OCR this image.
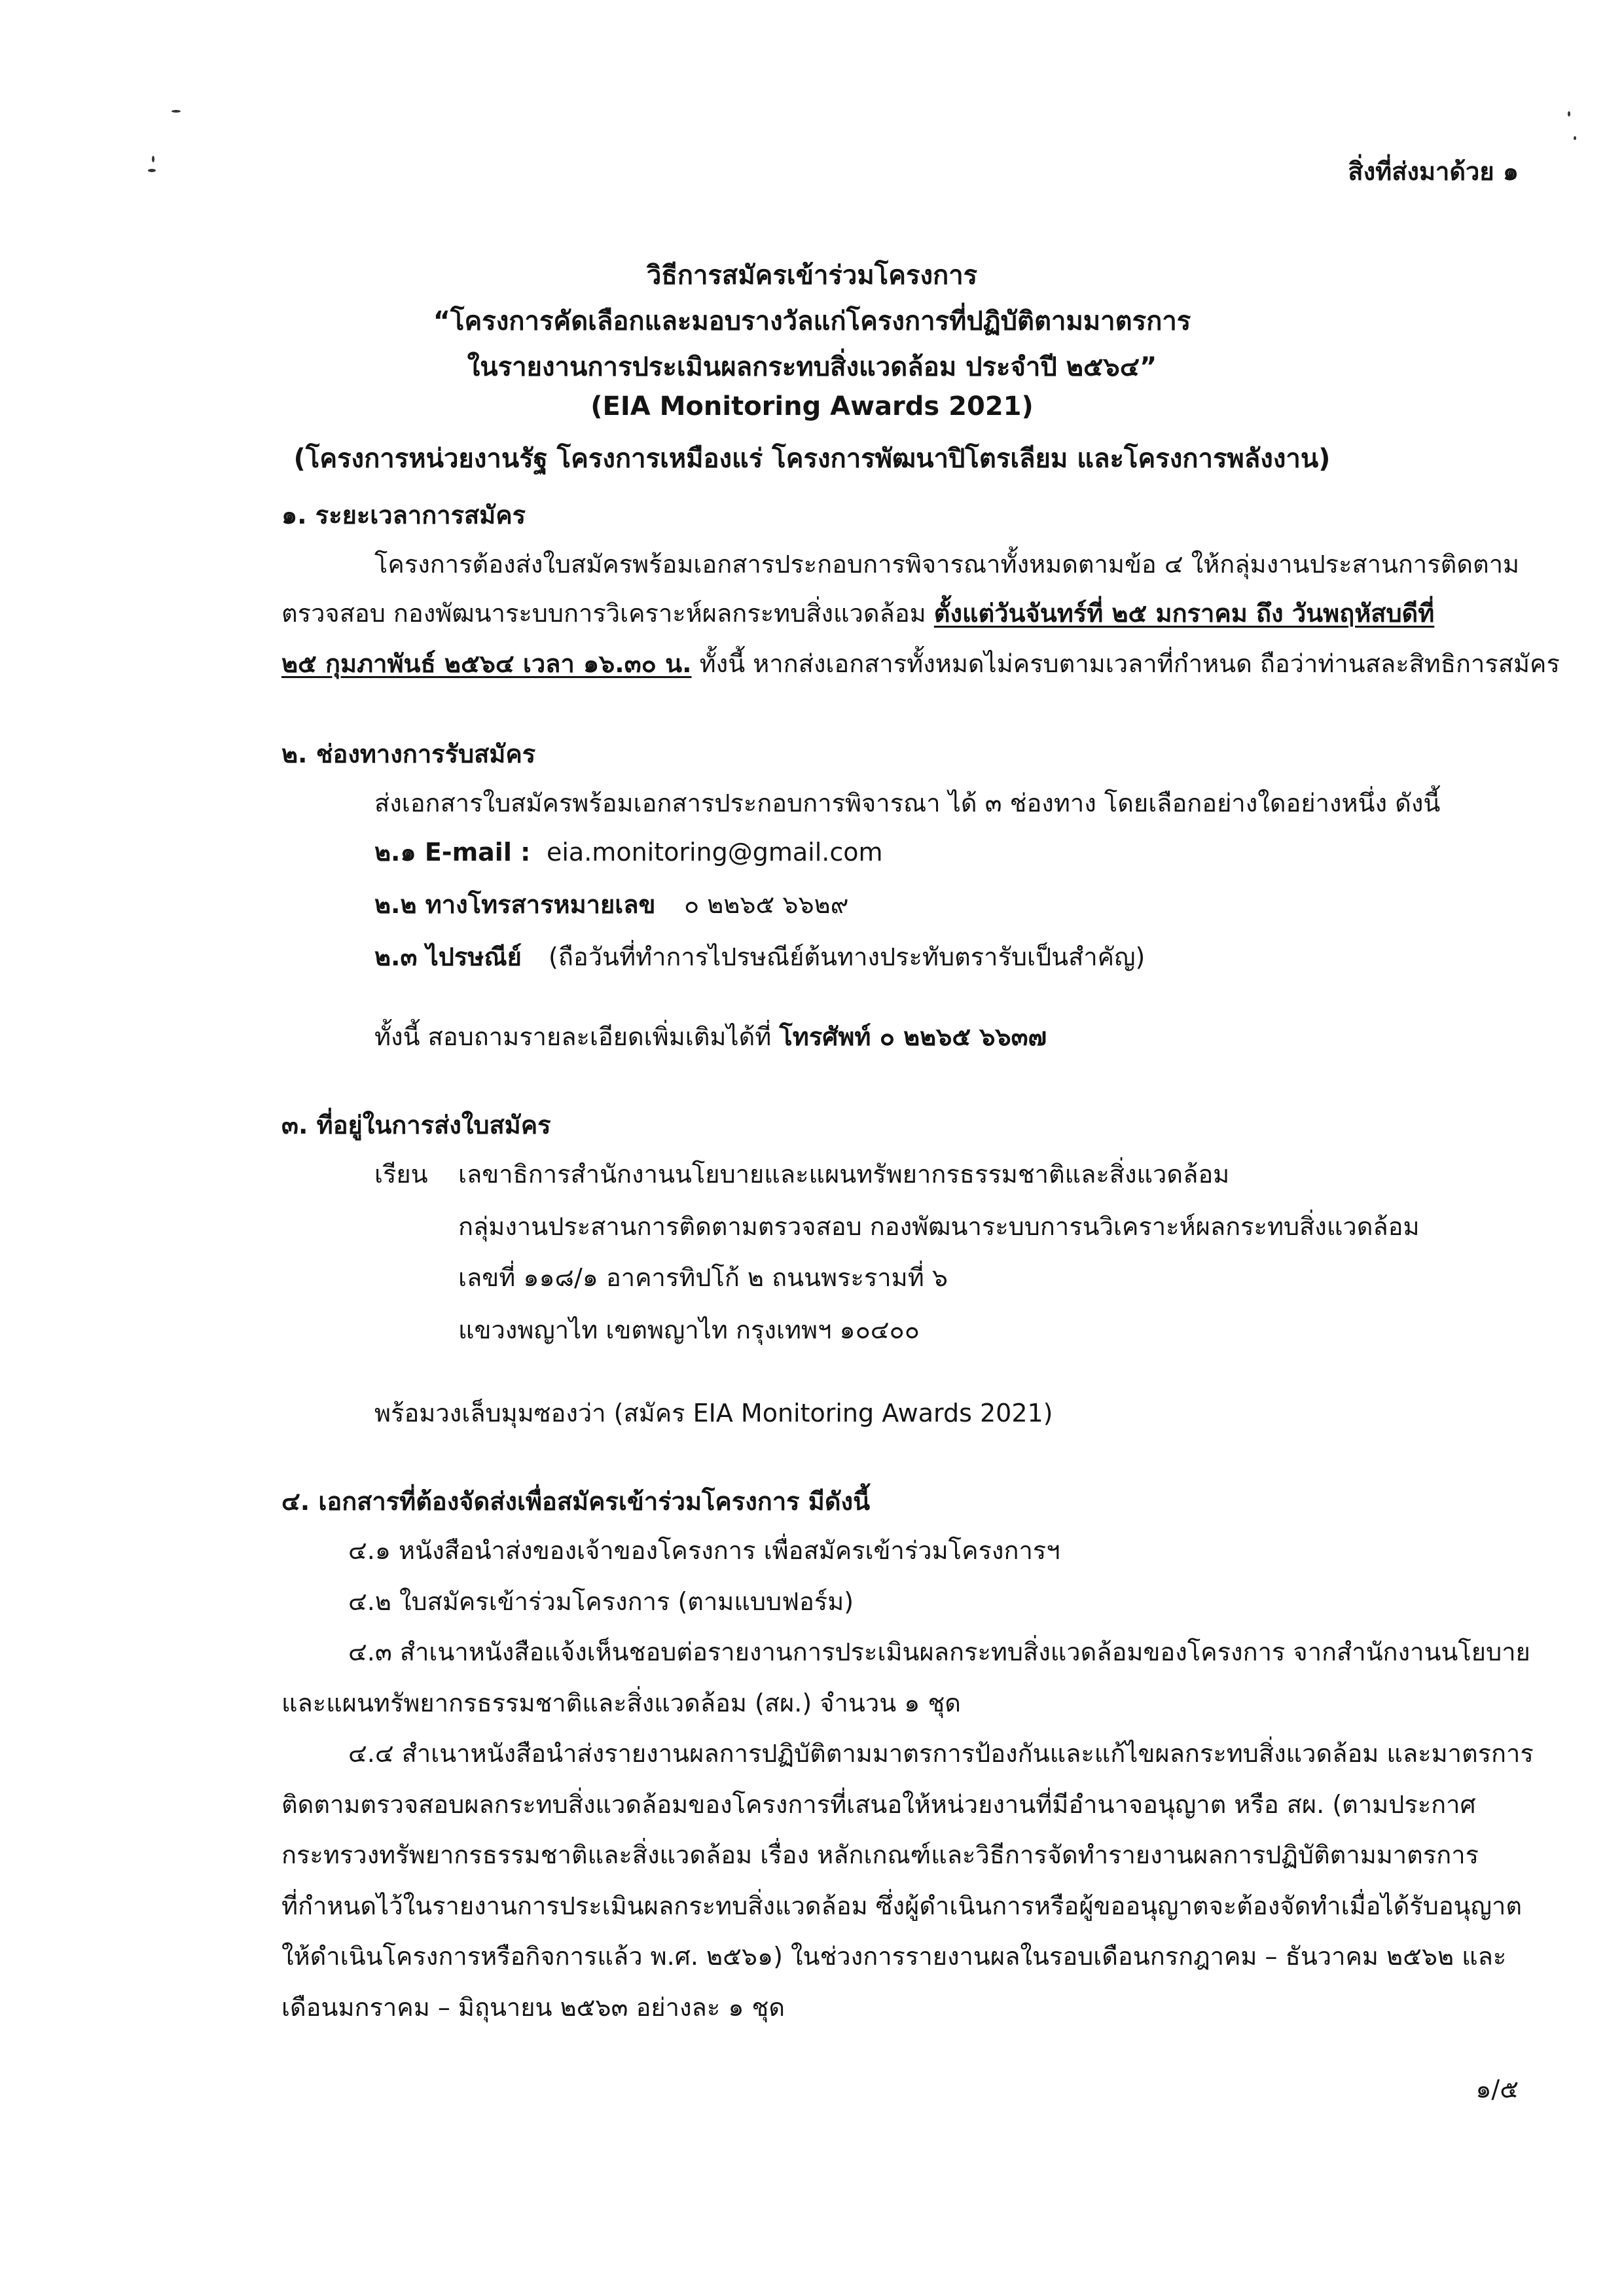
สิ่งที่ส่งมาด้วย ๑
วิธีการสมัครเข้าร่วมโครงการ
“โครงการคัดเลือกและมอบรางวัลแก่โครงการที่ปฏิบัติตามมาตรการ
ในรายงานการประเมินผลกระทบสิ่งแวดล้อม ประจำปี ๒๕๖๔”
(EIA Monitoring Awards 2021)
(โครงการหน่วยงานรัฐ โครงการเหมืองแร่ โครงการพัฒนาปิโตรเลียม และโครงการพลังงาน)
๑. ระยะเวลาการสมัคร
โครงการต้องส่งใบสมัครพร้อมเอกสารประกอบการพิจารณาทั้งหมดตามข้อ ๔ ให้กลุ่มงานประสานการติดตาม
ตรวจสอบ กองพัฒนาระบบการวิเคราะห์ผลกระทบสิ่งแวดล้อม ตั้งแต่วันจันทร์ที่ ๒๕ มกราคม ถึง วันพฤหัสบดีที่
๒๕ กุมภาพันธ์ ๒๕๖๔ เวลา ๑๖.๓๐ น. ทั้งนี้ หากส่งเอกสารทั้งหมดไม่ครบตามเวลาที่กำหนด ถือว่าท่านสละสิทธิการสมัคร
๒. ช่องทางการรับสมัคร
ส่งเอกสารใบสมัครพร้อมเอกสารประกอบการพิจารณา ได้ ๓ ช่องทาง โดยเลือกอย่างใดอย่างหนึ่ง ดังนี้
๒.๑ E-mail : eia.monitoring@gmail.com
๒.๒ ทางโทรสารหมายเลข ๐ ๒๒๖๕ ๖๖๒๙
๒.๓ ไปรษณีย์ (ถือวันที่ทำการไปรษณีย์ต้นทางประทับตรารับเป็นสำคัญ)
ทั้งนี้ สอบถามรายละเอียดเพิ่มเติมได้ที่ โทรศัพท์ ๐ ๒๒๖๕ ๖๖๓๗
๓. ที่อยู่ในการส่งใบสมัคร
เรียน เลขาธิการสำนักงานนโยบายและแผนทรัพยากรธรรมชาติและสิ่งแวดล้อม
กลุ่มงานประสานการติดตามตรวจสอบ กองพัฒนาระบบการนวิเคราะห์ผลกระทบสิ่งแวดล้อม
เลขที่ ๑๑๘/๑ อาคารทิปโก้ ๒ ถนนพระรามที่ ๖
แขวงพญาไท เขตพญาไท กรุงเทพฯ ๑๐๔๐๐
พร้อมวงเล็บมุมซองว่า (สมัคร EIA Monitoring Awards 2021)
๔. เอกสารที่ต้องจัดส่งเพื่อสมัครเข้าร่วมโครงการ มีดังนี้
๔.๑ หนังสือนำส่งของเจ้าของโครงการ เพื่อสมัครเข้าร่วมโครงการฯ
๔.๒ ใบสมัครเข้าร่วมโครงการ (ตามแบบฟอร์ม)
๔.๓ สำเนาหนังสือแจ้งเห็นชอบต่อรายงานการประเมินผลกระทบสิ่งแวดล้อมของโครงการ จากสำนักงานนโยบาย
และแผนทรัพยากรธรรมชาติและสิ่งแวดล้อม (สผ.) จำนวน ๑ ชุด
๔.๔ สำเนาหนังสือนำส่งรายงานผลการปฏิบัติตามมาตรการป้องกันและแก้ไขผลกระทบสิ่งแวดล้อม และมาตรการ
ติดตามตรวจสอบผลกระทบสิ่งแวดล้อมของโครงการที่เสนอให้หน่วยงานที่มีอำนาจอนุญาต หรือ สผ. (ตามประกาศ
กระทรวงทรัพยากรธรรมชาติและสิ่งแวดล้อม เรื่อง หลักเกณฑ์และวิธีการจัดทำรายงานผลการปฏิบัติตามมาตรการ
ที่กำหนดไว้ในรายงานการประเมินผลกระทบสิ่งแวดล้อม ซึ่งผู้ดำเนินการหรือผู้ขออนุญาตจะต้องจัดทำเมื่อได้รับอนุญาต
ให้ดำเนินโครงการหรือกิจการแล้ว พ.ศ. ๒๕๖๑) ในช่วงการรายงานผลในรอบเดือนกรกฎาคม – ธันวาคม ๒๕๖๒ และ
เดือนมกราคม – มิถุนายน ๒๕๖๓ อย่างละ ๑ ชุด
๑/๕
